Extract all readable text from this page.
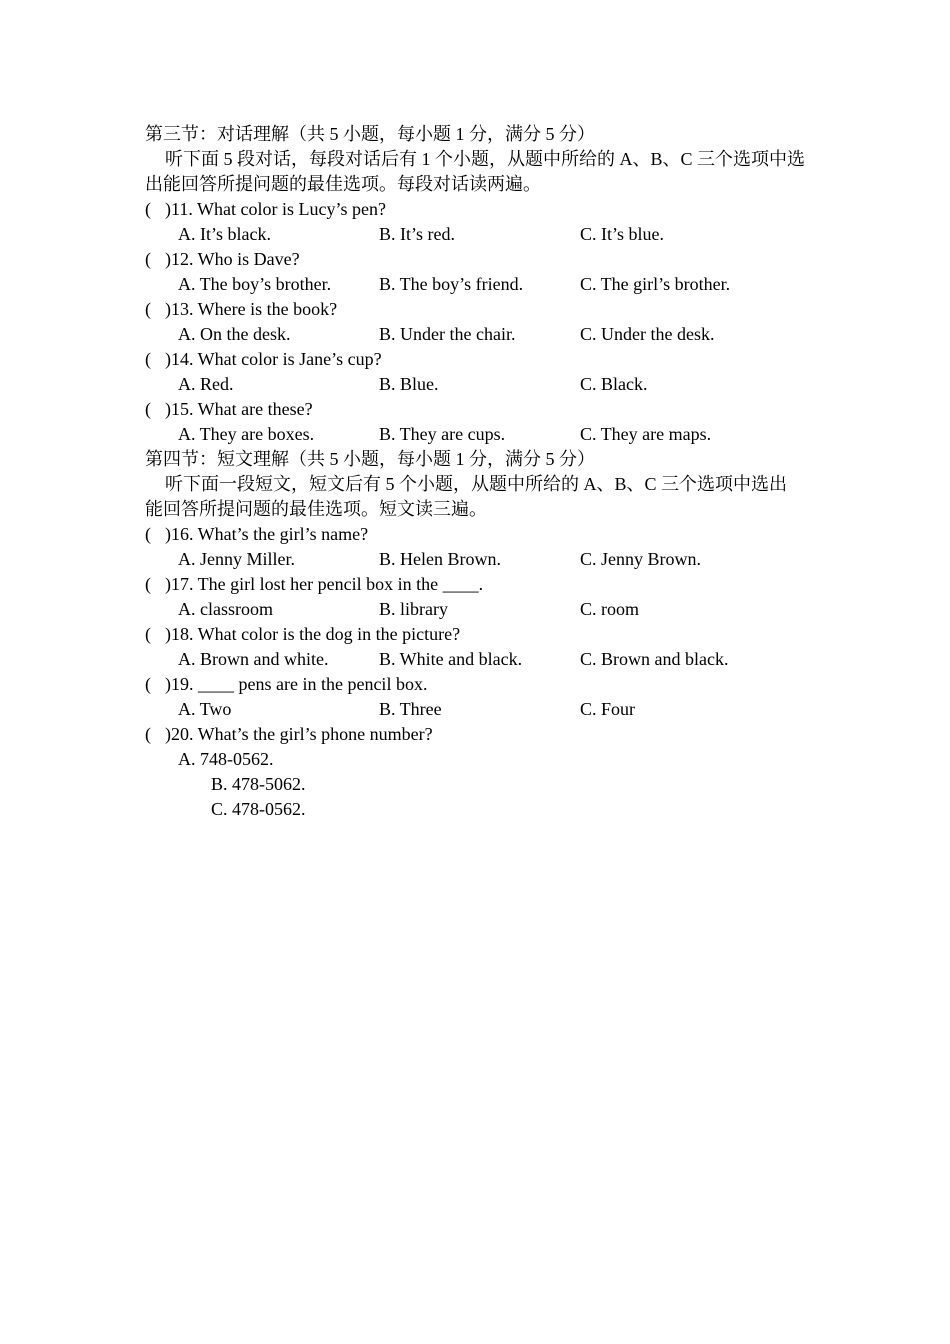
第三节：对话理解（共 5 小题，每小题 1 分，满分 5 分）
听下面 5 段对话，每段对话后有 1 个小题，从题中所给的 A、B、C 三个选项中选
出能回答所提问题的最佳选项。每段对话读两遍。
( )11. What color is Lucy’s pen?
A. It’s black.	B. It’s red.	C. It’s blue.
( )12. Who is Dave?
A. The boy’s brother.	B. The boy’s friend.	C. The girl’s brother.
( )13. Where is the book?
A. On the desk.	B. Under the chair.	C. Under the desk.
( )14. What color is Jane’s cup?
A. Red.	B. Blue.	C. Black.
( )15. What are these?
A. They are boxes.	B. They are cups.	C. They are maps.
第四节：短文理解（共 5 小题，每小题 1 分，满分 5 分）
听下面一段短文，短文后有 5 个小题，从题中所给的 A、B、C 三个选项中选出
能回答所提问题的最佳选项。短文读三遍。
( )16. What’s the girl’s name?
A. Jenny Miller.	B. Helen Brown.	C. Jenny Brown.
( )17. The girl lost her pencil box in the ____.
A. classroom	B. library	C. room
( )18. What color is the dog in the picture?
A. Brown and white.	B. White and black.	C. Brown and black.
( )19. ____ pens are in the pencil box.
A. Two	B. Three	C. Four
( )20. What’s the girl’s phone number?
A. 748-0562.
B. 478-5062.
C. 478-0562.
